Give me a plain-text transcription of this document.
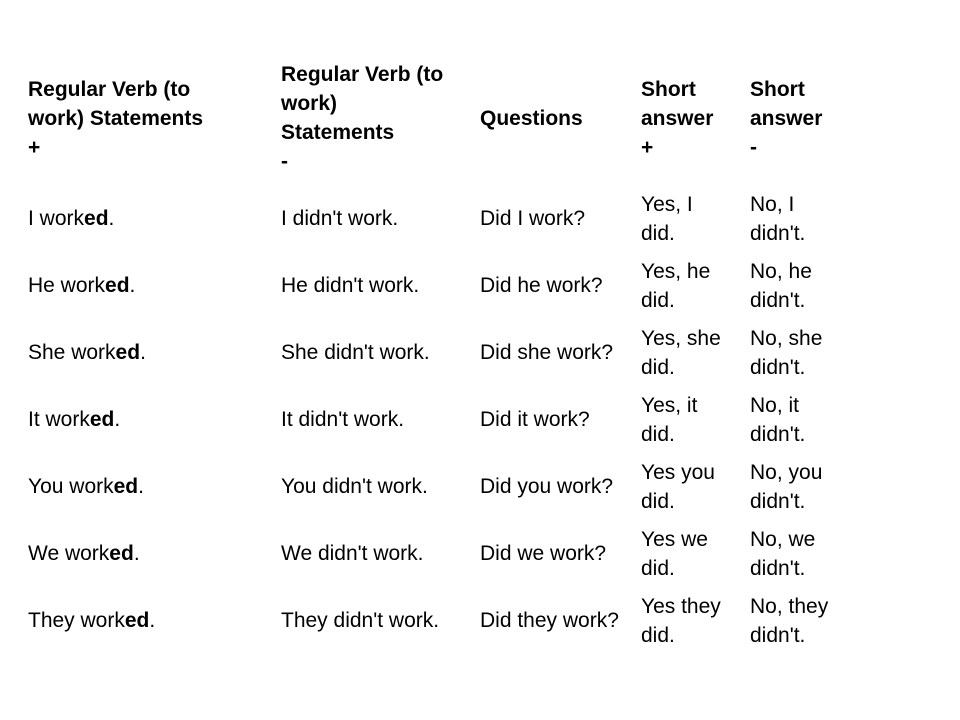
Regular Verb (to
work) Statements
+	Regular Verb (to
work)
Statements
-	Questions	Short
answer
+	Short
answer
-

I worked.	I didn't work.	Did I work?	Yes, I did.	No, I didn't.
He worked.	He didn't work.	Did he work?	Yes, he did.	No, he didn't.
She worked.	She didn't work.	Did she work?	Yes, she did.	No, she didn't.
It worked.	It didn't work.	Did it work?	Yes, it did.	No, it didn't.
You worked.	You didn't work.	Did you work?	Yes you did.	No, you didn't.
We worked.	We didn't work.	Did we work?	Yes we did.	No, we didn't.
They worked.	They didn't work.	Did they work?	Yes they did.	No, they didn't.
